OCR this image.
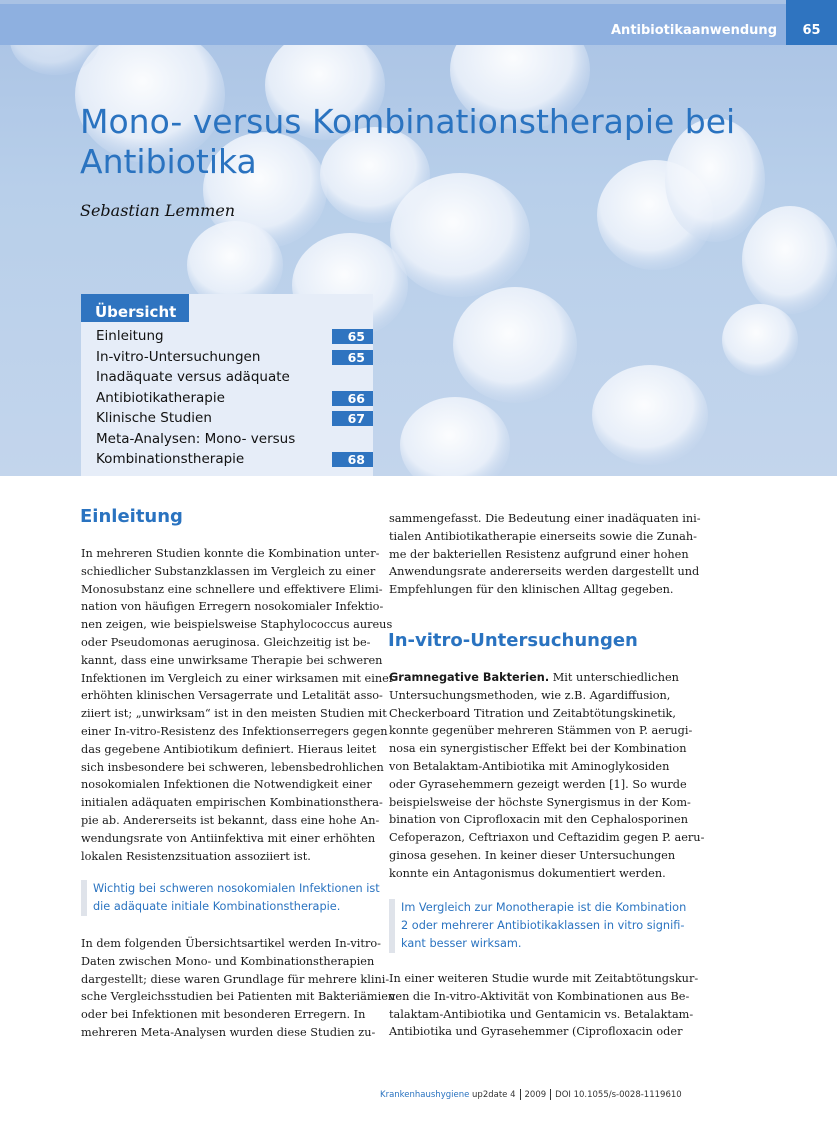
Antibiotikaanwendung	65
Mono- versus Kombinationstherapie bei
Antibiotika
Sebastian Lemmen
Übersicht
Einleitung	65
In-vitro-Untersuchungen	65
Inadäquate versus adäquate
Antibiotikatherapie	66
Klinische Studien	67
Meta-Analysen: Mono- versus
Kombinationstherapie	68
Einleitung
In mehreren Studien konnte die Kombination unter-
schiedlicher Substanzklassen im Vergleich zu einer
Monosubstanz eine schnellere und effektivere Elimi-
nation von häufigen Erregern nosokomialer Infektio-
nen zeigen, wie beispielsweise Staphylococcus aureus
oder Pseudomonas aeruginosa. Gleichzeitig ist be-
kannt, dass eine unwirksame Therapie bei schweren
Infektionen im Vergleich zu einer wirksamen mit einer
erhöhten klinischen Versagerrate und Letalität asso-
ziiert ist; „unwirksam“ ist in den meisten Studien mit
einer In-vitro-Resistenz des Infektionserregers gegen
das gegebene Antibiotikum definiert. Hieraus leitet
sich insbesondere bei schweren, lebensbedrohlichen
nosokomialen Infektionen die Notwendigkeit einer
initialen adäquaten empirischen Kombinationsthera-
pie ab. Andererseits ist bekannt, dass eine hohe An-
wendungsrate von Antiinfektiva mit einer erhöhten
lokalen Resistenzsituation assoziiert ist.
Wichtig bei schweren nosokomialen Infektionen ist
die adäquate initiale Kombinationstherapie.
In dem folgenden Übersichtsartikel werden In-vitro-
Daten zwischen Mono- und Kombinationstherapien
dargestellt; diese waren Grundlage für mehrere klini-
sche Vergleichsstudien bei Patienten mit Bakteriämien
oder bei Infektionen mit besonderen Erregern. In
mehreren Meta-Analysen wurden diese Studien zu-
sammengefasst. Die Bedeutung einer inadäquaten ini-
tialen Antibiotikatherapie einerseits sowie die Zunah-
me der bakteriellen Resistenz aufgrund einer hohen
Anwendungsrate andererseits werden dargestellt und
Empfehlungen für den klinischen Alltag gegeben.
In-vitro-Untersuchungen
Gramnegative Bakterien. Mit unterschiedlichen
Untersuchungsmethoden, wie z.B. Agardiffusion,
Checkerboard Titration und Zeitabtötungskinetik,
konnte gegenüber mehreren Stämmen von P. aerugi-
nosa ein synergistischer Effekt bei der Kombination
von Betalaktam-Antibiotika mit Aminoglykosiden
oder Gyrasehemmern gezeigt werden [1]. So wurde
beispielsweise der höchste Synergismus in der Kom-
bination von Ciprofloxacin mit den Cephalosporinen
Cefoperazon, Ceftriaxon und Ceftazidim gegen P. aeru-
ginosa gesehen. In keiner dieser Untersuchungen
konnte ein Antagonismus dokumentiert werden.
Im Vergleich zur Monotherapie ist die Kombination
2 oder mehrerer Antibiotikaklassen in vitro signifi-
kant besser wirksam.
In einer weiteren Studie wurde mit Zeitabtötungskur-
ven die In-vitro-Aktivität von Kombinationen aus Be-
talaktam-Antibiotika und Gentamicin vs. Betalaktam-
Antibiotika und Gyrasehemmer (Ciprofloxacin oder
Krankenhaushygiene up2date 4 2009 DOI 10.1055/s-0028-1119610
